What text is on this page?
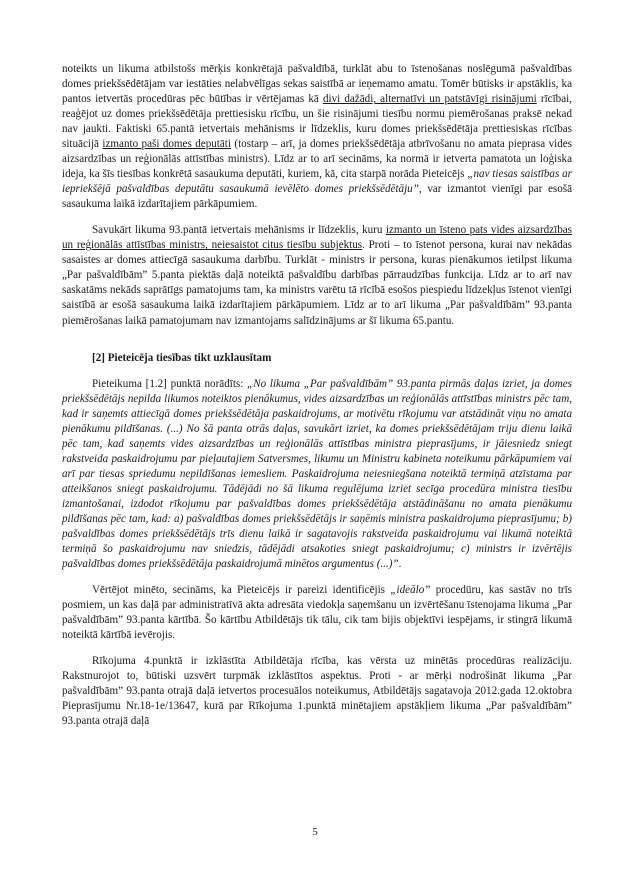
noteikts un likuma atbilstošs mērķis konkrētajā pašvaldībā, turklāt abu to īstenošanas noslēgumā pašvaldības domes priekšsēdētājam var iestāties nelabvēlīgas sekas saistībā ar ieņemamo amatu. Tomēr būtisks ir apstāklis, ka pantos ietvertās procedūras pēc būtības ir vērtējamas kā divi dažādi, alternatīvi un patstāvīgi risinājumi rīcībai, reaģējot uz domes priekšsēdētāja prettiesisku rīcību, un šie risinājumi tiesību normu piemērošanas praksē nekad nav jaukti. Faktiski 65.pantā ietvertais mehānisms ir līdzeklis, kuru domes priekšsēdētāja prettiesiskas rīcības situācijā izmanto paši domes deputāti (tostarp – arī, ja domes priekšsēdētāja atbrīvošanu no amata pieprasa vides aizsardzības un reģionālās attīstības ministrs). Līdz ar to arī secināms, ka normā ir ietverta pamatota un loģiska ideja, ka šīs tiesības konkrētā sasaukuma deputāti, kuriem, kā, cita starpā norāda Pieteicējs „nav tiesas saistības ar iepriekšējā pašvaldības deputātu sasaukumā ievēlēto domes priekšsēdētāju”, var izmantot vienīgi par esošā sasaukuma laikā izdarītajiem pārkāpumiem.

Savukārt likuma 93.pantā ietvertais mehānisms ir līdzeklis, kuru izmanto un īsteno pats vides aizsardzības un reģionālās attīstības ministrs, neiesaistot citus tiesību subjektus. Proti – to īstenot persona, kurai nav nekādas sasaistes ar domes attiecīgā sasaukuma darbību. Turklāt - ministrs ir persona, kuras pienākumos ietilpst likuma „Par pašvaldībām” 5.panta piektās daļā noteiktā pašvaldību darbības pārraudzības funkcija. Līdz ar to arī nav saskatāms nekāds saprātīgs pamatojums tam, ka ministrs varētu tā rīcībā esošos piespiedu līdzekļus īstenot vienīgi saistībā ar esošā sasaukuma laikā izdarītajiem pārkāpumiem. Līdz ar to arī likuma „Par pašvaldībām” 93.panta piemērošanas laikā pamatojumam nav izmantojams salīdzinājums ar šī likuma 65.pantu.

[2] Pieteicēja tiesības tikt uzklausītam

Pieteikuma [1.2] punktā norādīts: „No likuma „Par pašvaldībām” 93.panta pirmās daļas izriet, ja domes priekšsēdētājs nepilda likumos noteiktos pienākumus, vides aizsardzības un reģionālās attīstības ministrs pēc tam, kad ir saņemts attiecīgā domes priekšsēdētāja paskaidrojums, ar motivētu rīkojumu var atstādināt viņu no amata pienākumu pildīšanas. (...) No šā panta otrās daļas, savukārt izriet, ka domes priekšsēdētājam triju dienu laikā pēc tam, kad saņemts vides aizsardzības un reģionālās attīstības ministra pieprasījums, ir jāiesniedz sniegt rakstveida paskaidrojumu par pieļautajiem Satversmes, likumu un Ministru kabineta noteikumu pārkāpumiem vai arī par tiesas spriedumu nepildīšanas iemesliem. Paskaidrojuma neiesniegšana noteiktā termiņā atzīstama par atteikšanos sniegt paskaidrojumu. Tādējādi no šā likuma regulējuma izriet secīga procedūra ministra tiesību izmantošanai, izdodot rīkojumu par pašvaldības domes priekšsēdētāja atstādināšanu no amata pienākumu pildīšanas pēc tam, kad: a) pašvaldības domes priekšsēdētājs ir saņēmis ministra paskaidrojuma pieprasījumu; b) pašvaldības domes priekšsēdētājs trīs dienu laikā ir sagatavojis rakstveida paskaidrojumu vai likumā noteiktā termiņā šo paskaidrojumu nav sniedzis, tādējādi atsakoties sniegt paskaidrojumu; c) ministrs ir izvērtējis pašvaldības domes priekšsēdētāja paskaidrojumā minētos argumentus (...)”.

Vērtējot minēto, secināms, ka Pieteicējs ir pareizi identificējis „ideālo” procedūru, kas sastāv no trīs posmiem, un kas daļā par administratīvā akta adresāta viedokļa saņemšanu un izvērtēšanu īstenojama likuma „Par pašvaldībām” 93.panta kārtībā. Šo kārtību Atbildētājs tik tālu, cik tam bijis objektīvi iespējams, ir stingrā likumā noteiktā kārtībā ievērojis.

Rīkojuma 4.punktā ir izklāstīta Atbildētāja rīcība, kas vērsta uz minētās procedūras realizāciju. Rakstnurojot to, būtiski uzsvērt turpmāk izklāstītos aspektus. Proti - ar mērķi nodrošināt likuma „Par pašvaldībām” 93.panta otrajā daļā ietvertos procesuālos noteikumus, Atbildētājs sagatavoja 2012.gada 12.oktobra Pieprasījumu Nr.18-1e/13647, kurā par Rīkojuma 1.punktā minētajiem apstākļiem likuma „Par pašvaldībām” 93.panta otrajā daļā

5
